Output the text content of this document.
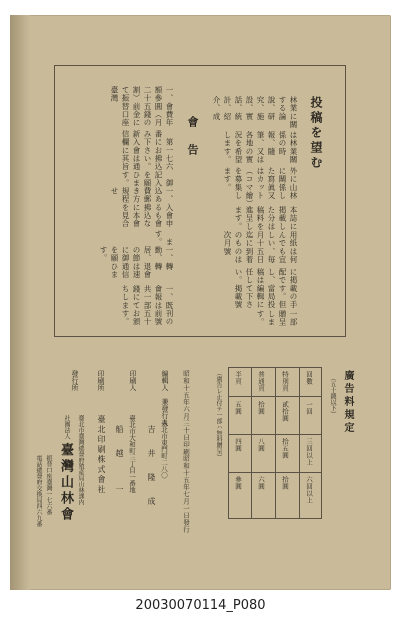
投稿を望む
林業に關する論說、研究、施設、實話、統計、紹介、成
は林業關係の時報、隨筆、又は各地の實況を希望します。
外に山林に關係した寫眞又はカット（コマ繪）を募集します。
本誌に掲載した分は稿料を進呈します。
用紙は何んでも宜しい、毎月十五日迄に到着のものは次月號
に掲載の手配です。但し、當局投稿は編輯に任して下さい。掲載號
一部贈呈します。
會　告
一、會費年額參圓（月二十五錢の割）前金にて振替口座臺灣
　第一七六番にお拂込み下さい。新入會は通信欄に其旨
　御記入を願ひます。
一、入會申込あるも會費郵拂込なき方に本會規程を見合せ
　ます。
一、轉勤、轉居、退會の節は速に御通信を願ひます。
一、既刊の會報は前號共一部五十錢にてお頒ちします。
廣告料規定
（五十錢以下）
回數
一回
三回以上
六回以上
特別頁
貳拾圓
拾五圓
拾圓
普通頁
拾圓
八圓
六圓
半頁
五圓
四圓
參圓
（廣告レ止付テ一部ハ無料贈呈）
昭和十五年六月三十日印刷
昭和十五年七月一日發行
編輯人　兼發行人
臺北市東門町二八〇
吉　井　隆　成
印刷人
臺北市大和町三丁目一番地
船　越　　一
印刷所
臺北印刷株式會社
發行所
臺北市臺灣總督府殖產局山林課内
社團法人
臺灣山林會
振替口座臺灣一七六番
電話總督府交換局四六九番
20030070114_P080
